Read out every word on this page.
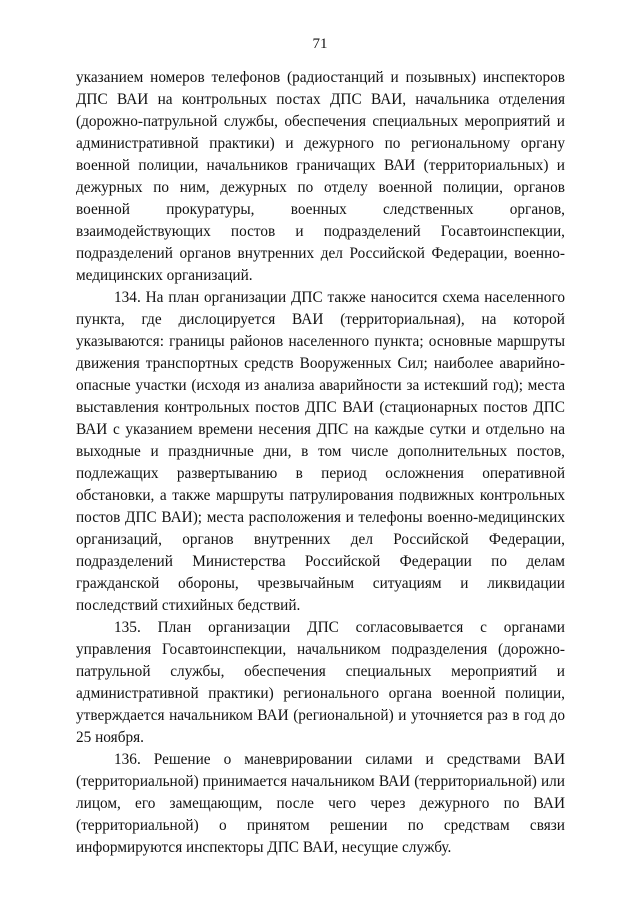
71

указанием номеров телефонов (радиостанций и позывных) инспекторов ДПС ВАИ на контрольных постах ДПС ВАИ, начальника отделения (дорожно-патрульной службы, обеспечения специальных мероприятий и административной практики) и дежурного по региональному органу военной полиции, начальников граничащих ВАИ (территориальных) и дежурных по ним, дежурных по отделу военной полиции, органов военной прокуратуры, военных следственных органов, взаимодействующих постов и подразделений Госавтоинспекции, подразделений органов внутренних дел Российской Федерации, военно-медицинских организаций.

134. На план организации ДПС также наносится схема населенного пункта, где дислоцируется ВАИ (территориальная), на которой указываются: границы районов населенного пункта; основные маршруты движения транспортных средств Вооруженных Сил; наиболее аварийно-опасные участки (исходя из анализа аварийности за истекший год); места выставления контрольных постов ДПС ВАИ (стационарных постов ДПС ВАИ с указанием времени несения ДПС на каждые сутки и отдельно на выходные и праздничные дни, в том числе дополнительных постов, подлежащих развертыванию в период осложнения оперативной обстановки, а также маршруты патрулирования подвижных контрольных постов ДПС ВАИ); места расположения и телефоны военно-медицинских организаций, органов внутренних дел Российской Федерации, подразделений Министерства Российской Федерации по делам гражданской обороны, чрезвычайным ситуациям и ликвидации последствий стихийных бедствий.

135. План организации ДПС согласовывается с органами управления Госавтоинспекции, начальником подразделения (дорожно-патрульной службы, обеспечения специальных мероприятий и административной практики) регионального органа военной полиции, утверждается начальником ВАИ (региональной) и уточняется раз в год до 25 ноября.

136. Решение о маневрировании силами и средствами ВАИ (территориальной) принимается начальником ВАИ (территориальной) или лицом, его замещающим, после чего через дежурного по ВАИ (территориальной) о принятом решении по средствам связи информируются инспекторы ДПС ВАИ, несущие службу.
